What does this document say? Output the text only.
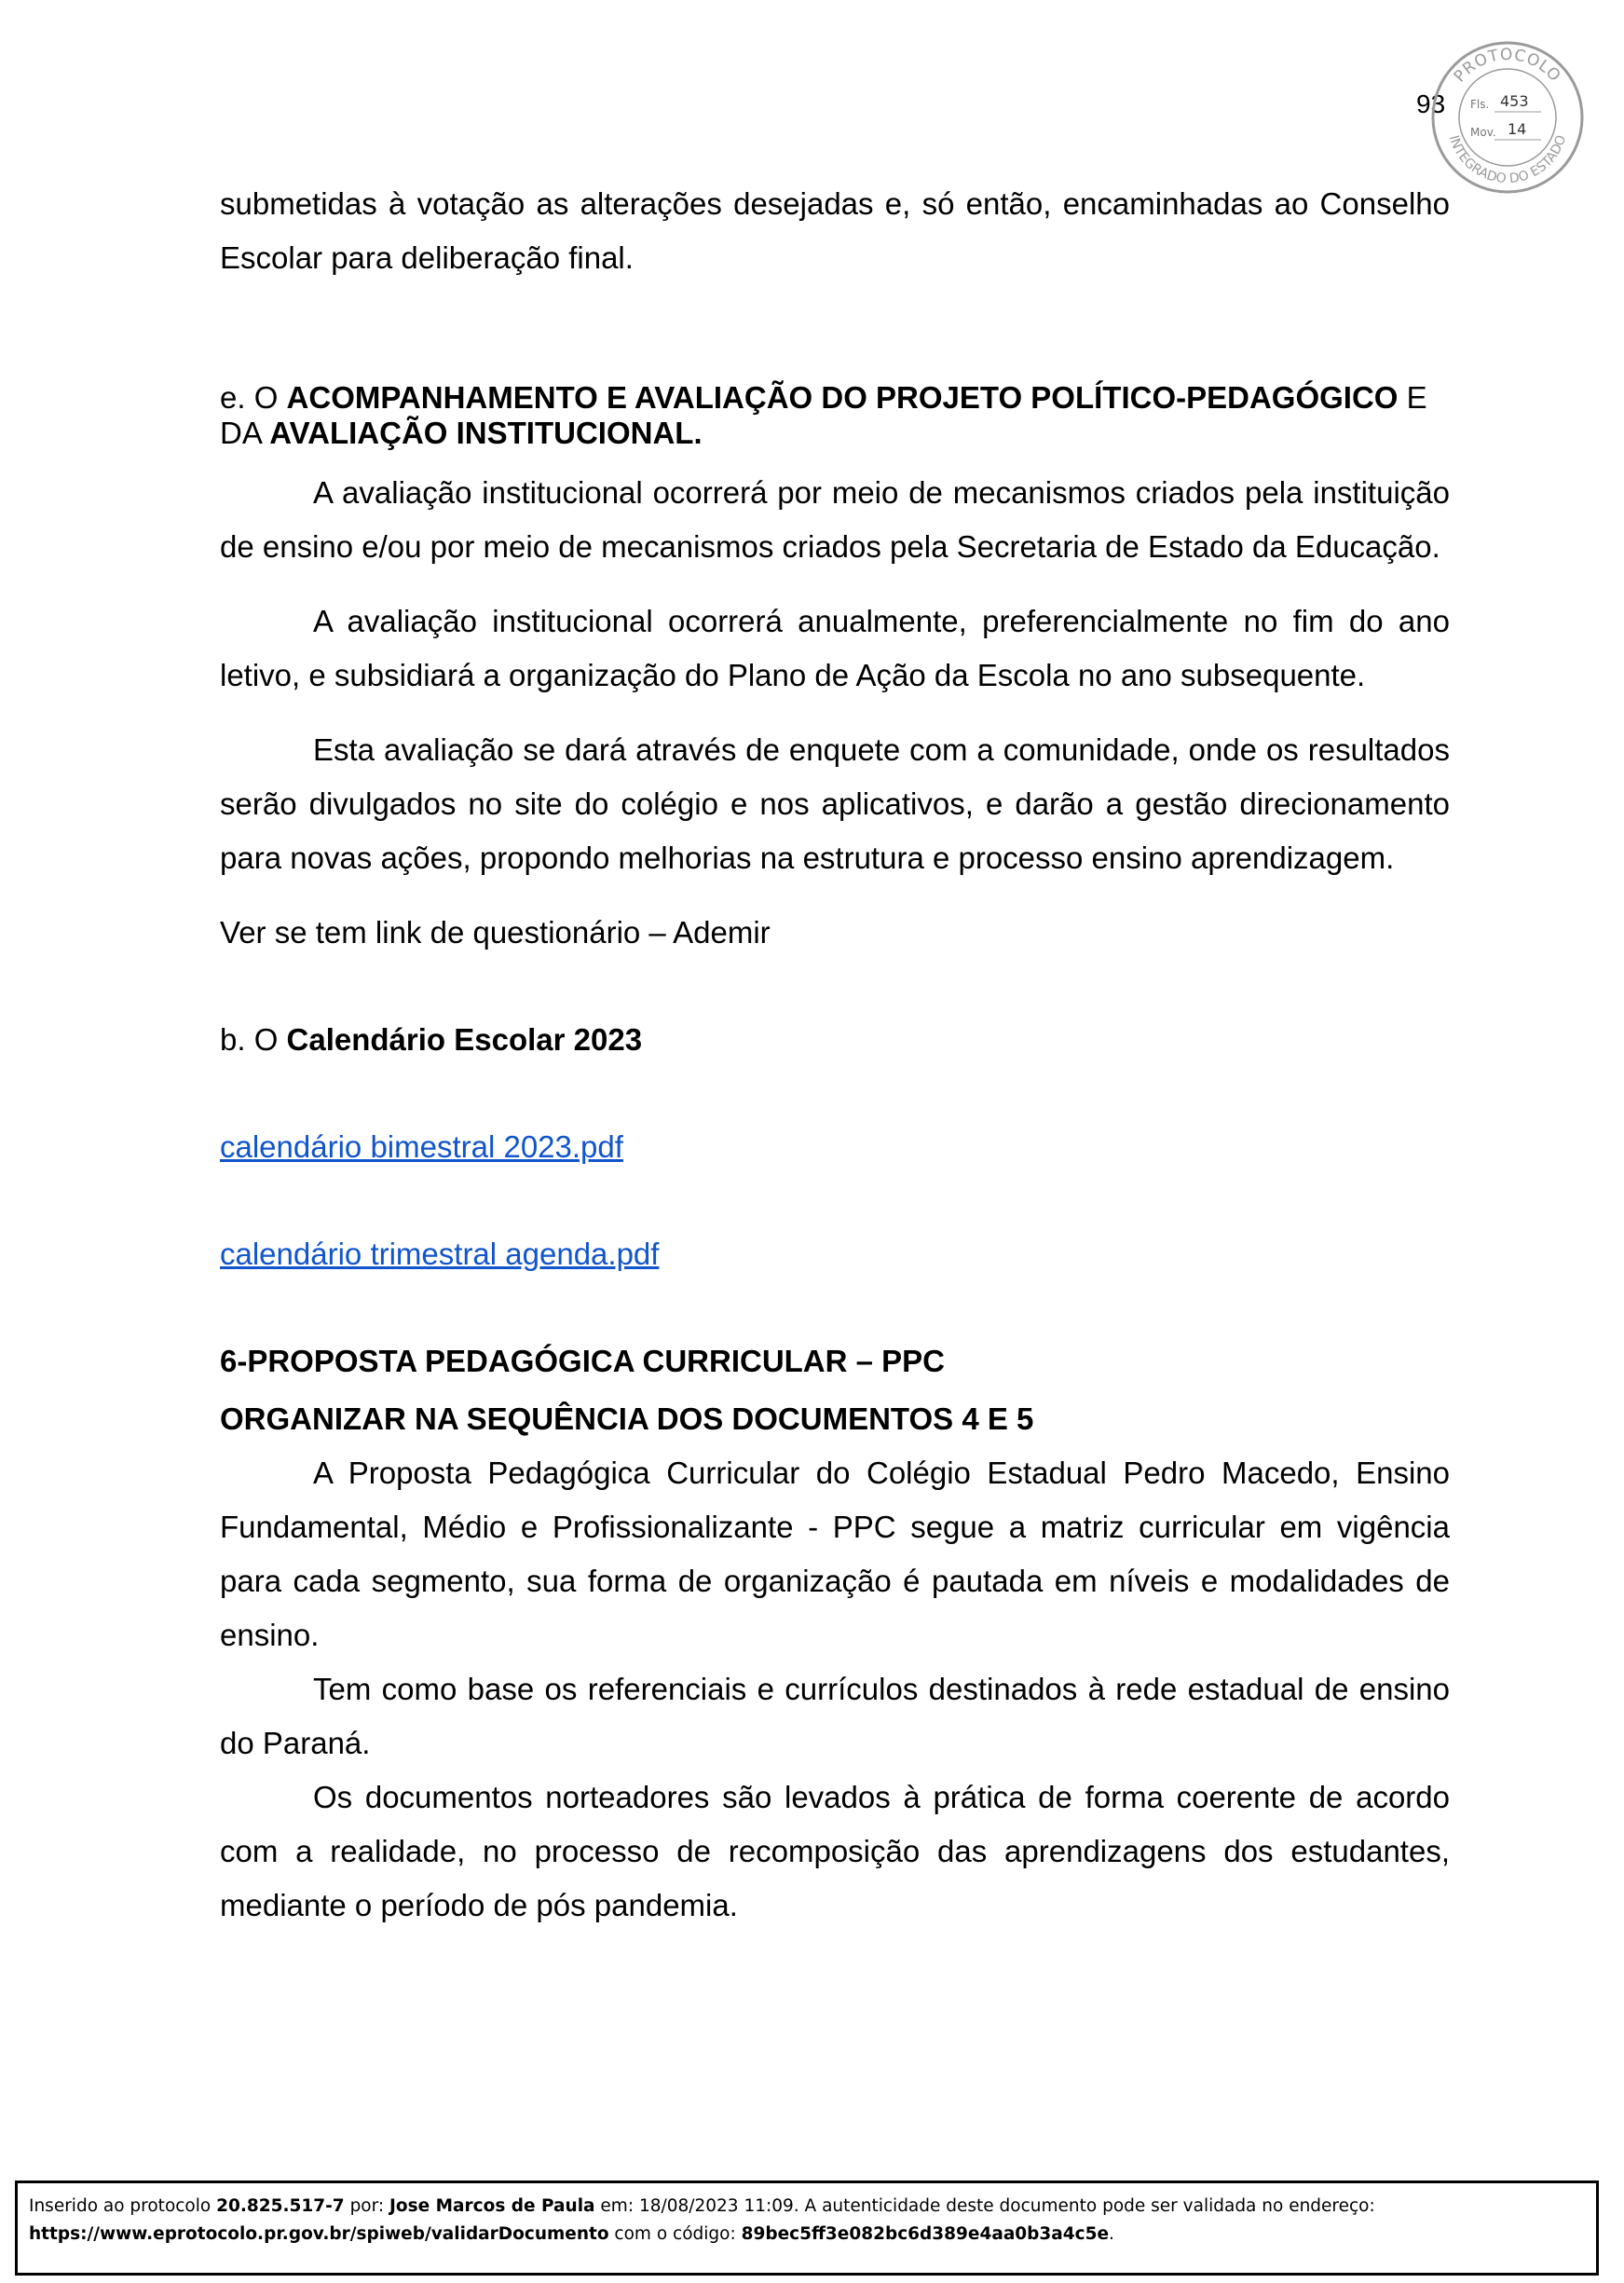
93
PROTOCOLO
INTEGRADO DO ESTADO
Fls. 453
Mov. 14

submetidas à votação as alterações desejadas e, só então, encaminhadas ao Conselho

Escolar para deliberação final.

e. O ACOMPANHAMENTO E AVALIAÇÃO DO PROJETO POLÍTICO-PEDAGÓGICO E DA AVALIAÇÃO INSTITUCIONAL.

A avaliação institucional ocorrerá por meio de mecanismos criados pela instituição de ensino e/ou por meio de mecanismos criados pela Secretaria de Estado da Educação.

A avaliação institucional ocorrerá anualmente, preferencialmente no fim do ano letivo, e subsidiará a organização do Plano de Ação da Escola no ano subsequente.

Esta avaliação se dará através de enquete com a comunidade, onde os resultados serão divulgados no site do colégio e nos aplicativos, e darão a gestão direcionamento para novas ações, propondo melhorias na estrutura e processo ensino aprendizagem.

Ver se tem link de questionário – Ademir

b. O Calendário Escolar 2023

calendário bimestral 2023.pdf

calendário trimestral agenda.pdf

6-PROPOSTA PEDAGÓGICA CURRICULAR – PPC

ORGANIZAR NA SEQUÊNCIA DOS DOCUMENTOS 4 E 5

A Proposta Pedagógica Curricular do Colégio Estadual Pedro Macedo, Ensino Fundamental, Médio e Profissionalizante - PPC segue a matriz curricular em vigência para cada segmento, sua forma de organização é pautada em níveis e modalidades de ensino.

Tem como base os referenciais e currículos destinados à rede estadual de ensino do Paraná.

Os documentos norteadores são levados à prática de forma coerente de acordo com a realidade, no processo de recomposição das aprendizagens dos estudantes, mediante o período de pós pandemia.

Inserido ao protocolo 20.825.517-7 por: Jose Marcos de Paula em: 18/08/2023 11:09. A autenticidade deste documento pode ser validada no endereço:
https://www.eprotocolo.pr.gov.br/spiweb/validarDocumento com o código: 89bec5ff3e082bc6d389e4aa0b3a4c5e.
